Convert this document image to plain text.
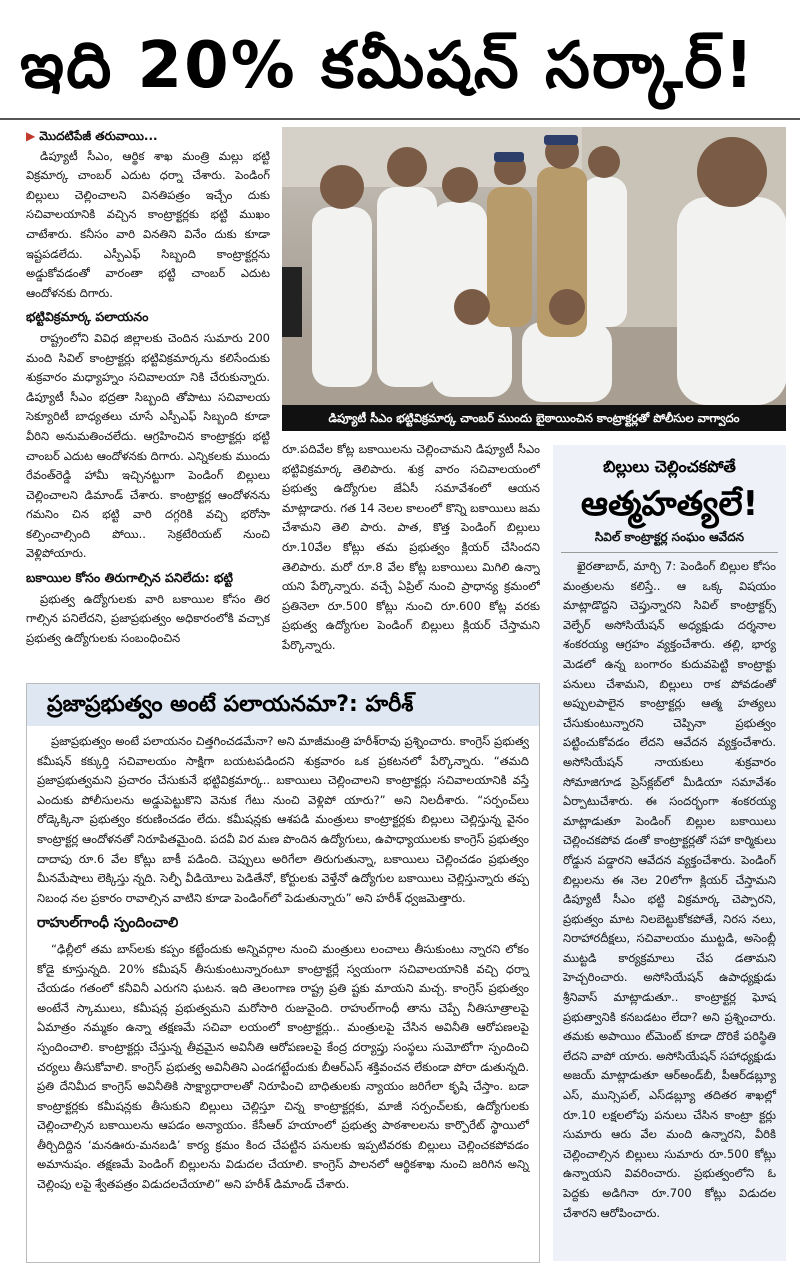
ఇది 20% కమీషన్ సర్కార్!
▶ మొదటిపేజీ తరువాయి...

డిప్యూటీ సీఎం, ఆర్థిక శాఖ మంత్రి మల్లు భట్టి విక్రమార్క చాంబర్ ఎదుట ధర్నా చేశారు. పెండింగ్ బిల్లులు చెల్లించాలని వినతిపత్రం ఇచ్చేం దుకు సచివాలయానికి వచ్చిన కాంట్రాక్టర్లకు భట్టి ముఖం చాటేశారు. కనీసం వారి వినతిని వినేం దుకు కూడా ఇష్టపడలేదు. ఎస్పీఎఫ్ సిబ్బంది కాంట్రాక్టర్లను అడ్డుకోవడంతో వారంతా భట్టి చాంబర్ ఎదుట ఆందోళనకు దిగారు.

భట్టివిక్రమార్క పలాయనం

రాష్ట్రంలోని వివిధ జిల్లాలకు చెందిన సుమారు 200 మంది సివిల్ కాంట్రాక్టర్లు భట్టివిక్రమార్కను కలిసేందుకు శుక్రవారం మధ్యాహ్నం సచివాలయా నికి చేరుకున్నారు. డిప్యూటీ సీఎం భద్రతా సిబ్బంది తోపాటు సచివాలయ సెక్యూరిటీ బాధ్యతలు చూసే ఎస్పీఎఫ్ సిబ్బంది కూడా వీరిని అనుమతించలేదు. ఆగ్రహించిన కాంట్రాక్టర్లు భట్టి చాంబర్ ఎదుట ఆందోళనకు దిగారు. ఎన్నికలకు ముందు రేవంత్‌రెడ్డి హామీ ఇచ్చినట్టుగా పెండింగ్ బిల్లులు చెల్లించాలని డిమాండ్ చేశారు. కాంట్రాక్టర్ల ఆందోళనను గమనిం చిన భట్టి వారి దగ్గరికి వచ్చి భరోసా కల్పించాల్సింది పోయి.. సెక్రటేరియట్ నుంచి వెళ్లిపోయారు.

బకాయిల కోసం తిరుగాల్సిన పనిలేదు: భట్టి

ప్రభుత్వ ఉద్యోగులకు వారి బకాయిల కోసం తిర గాల్సిన పనిలేదని, ప్రజాప్రభుత్వం అధికారంలోకి వచ్చాక ప్రభుత్వ ఉద్యోగులకు సంబంధించిన

డిప్యూటీ సీఎం భట్టివిక్రమార్క చాంబర్ ముందు బైఠాయించిన కాంట్రాక్టర్లతో పోలీసుల వాగ్వాదం

రూ.పదివేల కోట్ల బకాయిలను చెల్లించామని డిప్యూటీ సీఎం భట్టివిక్రమార్క తెలిపారు. శుక్ర వారం సచివాలయంలో ప్రభుత్వ ఉద్యోగుల జేఏసీ సమావేశంలో ఆయన మాట్లాడారు. గత 14 నెలల కాలంలో కొన్ని బకాయిలు జమ చేశామని తెలి పారు. పాత, కొత్త పెండింగ్ బిల్లులు రూ.10వేల కోట్లు తమ ప్రభుత్వం క్లియర్ చేసిందని తెలిపారు. మరో రూ.8 వేల కోట్ల బకాయిలు మిగిలి ఉన్నా యని పేర్కొన్నారు. వచ్చే ఏప్రిల్ నుంచి ప్రాధాన్య క్రమంలో ప్రతినెలా రూ.500 కోట్లు నుంచి రూ.600 కోట్ల వరకు ప్రభుత్వ ఉద్యోగుల పెండింగ్ బిల్లులు క్లియర్ చేస్తామని పేర్కొన్నారు.

ప్రజాప్రభుత్వం అంటే పలాయనమా?: హరీశ్

ప్రజాప్రభుత్వం అంటే పలాయనం చిత్తగించడమేనా? అని మాజీమంత్రి హరీశ్‌రావు ప్రశ్నించారు. కాంగ్రెస్ ప్రభుత్వ కమీషన్ కక్కుర్తి సచివాలయం సాక్షిగా బయటపడిందని శుక్రవారం ఒక ప్రకటనలో పేర్కొన్నారు. “తమది ప్రజాప్రభుత్వమని ప్రచారం చేసుకునే భట్టివిక్రమార్క.. బకాయిలు చెల్లించాలని కాంట్రాక్టర్లు సచివాలయానికి వస్తే ఎందుకు పోలీసులను అడ్డుపెట్టుకొని వెనుక గేటు నుంచి వెళ్లిపో యారు?” అని నిలదీశారు. “సర్పంచ్‌లు రోడ్కెక్కినా ప్రభుత్వం కరుణించడం లేదు. కమీషన్లకు ఆశపడి మంత్రులు కాంట్రాక్టర్లకు బిల్లులు చెల్లిస్తున్న వైనం కాంట్రాక్టర్ల ఆందోళనతో నిరూపితమైంది. పదవీ విర మణ పొందిన ఉద్యోగులు, ఉపాధ్యాయులకు కాంగ్రెస్ ప్రభుత్వం దాదాపు రూ.6 వేల కోట్లు బాకీ పడింది. చెప్పులు అరిగేలా తిరుగుతున్నా, బకాయిలు చెల్లించడం ప్రభుత్వం మీనమేషాలు లెక్కిస్తు న్నది. సెల్ఫీ వీడియోలు పెడితేనో, కోర్టులకు వెళ్తేనో ఉద్యోగుల బకాయిలు చెల్లిస్తున్నారు తప్ప నిబంధ నల ప్రకారం రావాల్సిన వాటిని కూడా పెండింగ్‌లో పెడుతున్నారు” అని హరీశ్ ధ్వజమెత్తారు.

రాహుల్‌గాంధీ స్పందించాలి

“ఢిల్లీలో తమ బాస్‌లకు కప్పం కట్టేందుకు అన్నివర్గాల నుంచి మంత్రులు లంచాలు తీసుకుంటు న్నారని లోకం కోడై కూస్తున్నది. 20% కమీషన్ తీసుకుంటున్నారంటూ కాంట్రాక్టర్లే స్వయంగా సచివాలయానికి వచ్చి ధర్నా చేయడం గతంలో కనీవినీ ఎరుగని ఘటన. ఇది తెలంగాణ రాష్ట్ర ప్రతి ష్టకు మాయని మచ్చ. కాంగ్రెస్ ప్రభుత్వం అంటేనే స్కాములు, కమీషన్ల ప్రభుత్వమని మరోసారి రుజువైంది. రాహుల్‌గాంధీ తాను చెప్పే నీతిసూత్రాలపై ఏమాత్రం నమ్మకం ఉన్నా తక్షణమే సచివా లయంలో కాంట్రాక్టర్లు.. మంత్రులపై చేసిన అవినీతి ఆరోపణలపై స్పందించాలి. కాంట్రాక్టర్లు చేస్తున్న తీవ్రమైన అవినీతి ఆరోపణలపై కేంద్ర దర్యాప్తు సంస్థలు సుమోటోగా స్పందించి చర్యలు తీసుకోవాలి. కాంగ్రెస్ ప్రభుత్వ అవినీతిని ఎండగట్టేందుకు బీఆర్ఎస్ శక్తివంచన లేకుండా పోరా డుతున్నది. ప్రతి దేనిమీద కాంగ్రెస్ అవినీతికి సాక్ష్యాధారాలతో నిరూపించి బాధితులకు న్యాయం జరిగేలా కృషి చేస్తాం. బడా కాంట్రాక్టర్లకు కమీషన్లకు తీసుకుని బిల్లులు చెల్లిస్తూ చిన్న కాంట్రాక్టర్లకు, మాజీ సర్పంచ్‌లకు, ఉద్యోగులకు చెల్లించాల్సిన బకాయిలను ఆపడం అన్యాయం. కేసీఆర్ హయాంలో ప్రభుత్వ పాఠశాలలను కార్పొరేట్ స్థాయిలో తీర్చిదిద్దిన ‘మనఊరు-మనబడి’ కార్య క్రమం కింద చేపట్టిన పనులకు ఇప్పటివరకు బిల్లులు చెల్లించకపోవడం అమానుషం. తక్షణమే పెండింగ్ బిల్లులను విడుదల చేయాలి. కాంగ్రెస్ పాలనలో ఆర్థికశాఖ నుంచి జరిగిన అన్ని చెల్లింపు లపై శ్వేతపత్రం విడుదలచేయాలి” అని హరీశ్ డిమాండ్ చేశారు.

బిల్లులు చెల్లించకపోతే
ఆత్మహత్యలే!
సివిల్ కాంట్రాక్టర్ల సంఘం ఆవేదన

ఖైరతాబాద్, మార్చి 7: పెండింగ్ బిల్లుల కోసం మంత్రులను కలిస్తే.. ఆ ఒక్క విషయం మాట్లాడొద్దని చెప్తున్నారని సివిల్ కాంట్రాక్టర్స్ వెల్ఫేర్ అసోసియేషన్ అధ్యక్షుడు దర్శనాల శంకరయ్య ఆగ్రహం వ్యక్తంచేశారు. తల్లి, భార్య మెడలో ఉన్న బంగారం కుదువపెట్టి కాంట్రాక్టు పనులు చేశామని, బిల్లులు రాక పోవడంతో అప్పులపాలైన కాంట్రాక్టర్లు ఆత్మ హత్యలు చేసుకుంటున్నారని చెప్పినా ప్రభుత్వం పట్టించుకోవడం లేదని ఆవేదన వ్యక్తంచేశారు. అసోసియేషన్ నాయకులు శుక్రవారం సోమాజిగూడ ప్రెస్‌క్లబ్‌లో మీడియా సమావేశం ఏర్పాటుచేశారు. ఈ సందర్భంగా శంకరయ్య మాట్లాడుతూ పెండింగ్ బిల్లుల బకాయిలు చెల్లించకపోవ డంతో కాంట్రాక్టర్లతో సహా కార్మికులు రోడ్డున పడ్డారని ఆవేదన వ్యక్తంచేశారు. పెండింగ్ బిల్లులను ఈ నెల 20లోగా క్లియర్ చేస్తామని డిప్యూటీ సీఎం భట్టి విక్రమార్క చెప్పారని, ప్రభుత్వం మాట నిలబెట్టుకోకపోతే, నిరస నలు, నిరాహారదీక్షలు, సచివాలయం ముట్టడి, అసెంబ్లీ ముట్టడి కార్యక్రమాలు చేప డతామని హెచ్చరించారు. అసోసియేషన్ ఉపాధ్యక్షుడు శ్రీనివాస్ మాట్లాడుతూ.. కాంట్రాక్టర్ల ఘోష ప్రభుత్వానికి కనబడటం లేదా? అని ప్రశ్నించారు. తమకు అపాయిం ట్‌మెంట్ కూడా దొరికే పరిస్థితి లేదని వాపో యారు. అసోసియేషన్ సహాధ్యక్షుడు అజయ్ మాట్లాడుతూ ఆర్అండ్‌బీ, పీఆర్‌డబ్ల్యూ ఎస్, మున్సిపల్, ఎస్‌డబ్ల్యూ తదితర శాఖల్లో రూ.10 లక్షలలోపు పనులు చేసిన కాంట్రా క్టర్లు సుమారు ఆరు వేల మంది ఉన్నారని, వీరికి చెల్లించాల్సిన బిల్లులు సుమారు రూ.500 కోట్లు ఉన్నాయని వివరించారు. ప్రభుత్వంలోని ఓ పెద్దకు అడిగినా రూ.700 కోట్లు విడుదల చేశారని ఆరోపించారు.
